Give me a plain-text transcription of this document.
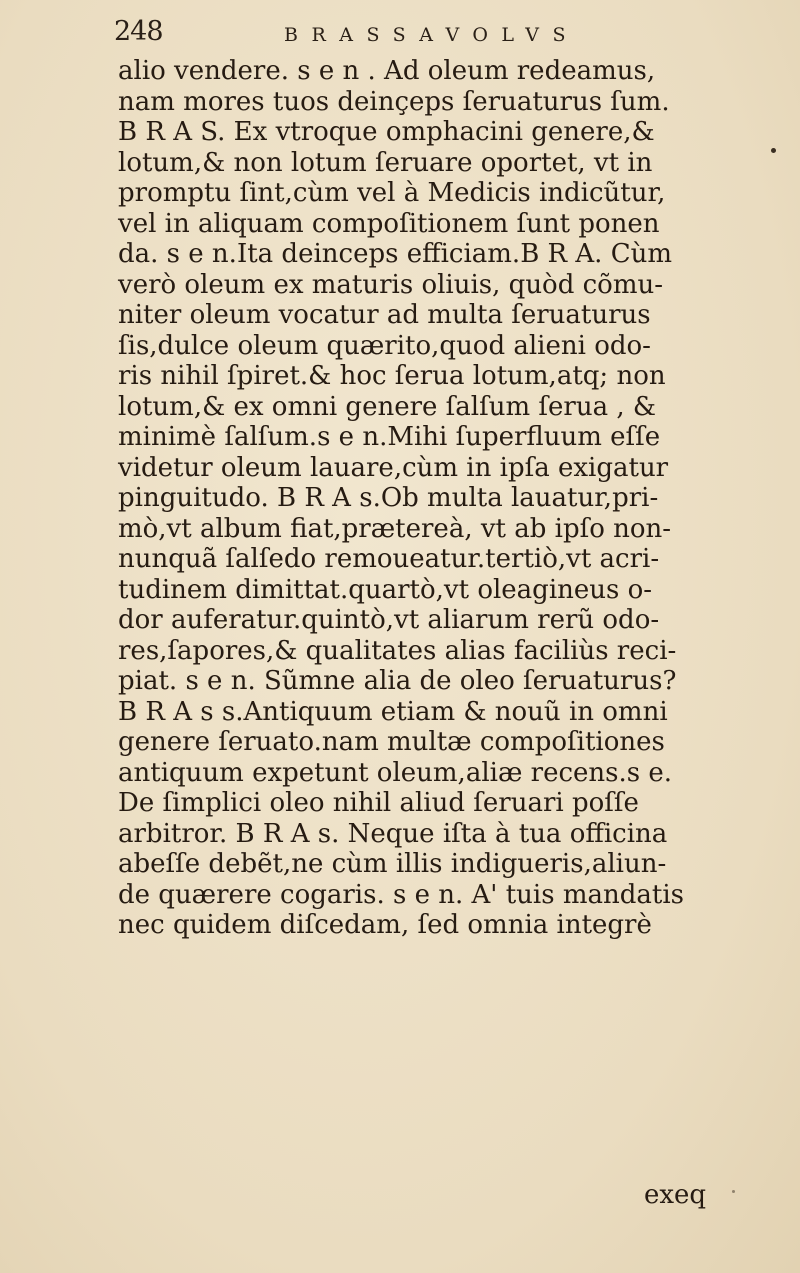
248	BRASSAVOLVS
alio vendere. s e n . Ad oleum redeamus,
nam mores tuos deinçeps ſeruaturus ſum.
B R A S. Ex vtroque omphacini genere,&
lotum,& non lotum ſeruare oportet, vt in
promptu ſint,cùm vel à Medicis indicũtur,
vel in aliquam compoſitionem ſunt ponen
da. s e n.Ita deinceps efficiam.B R A. Cùm
verò oleum ex maturis oliuis, quòd cõmu-
niter oleum vocatur ad multa ſeruaturus
ſis,dulce oleum quærito,quod alieni odo-
ris nihil ſpiret.& hoc ſerua lotum,atq; non
lotum,& ex omni genere ſalſum ſerua , &
minimè ſalſum.s e n.Mihi ſuperfluum eſſe
videtur oleum lauare,cùm in ipſa exigatur
pinguitudo. B R A s.Ob multa lauatur,pri-
mò,vt album fiat,prætereà, vt ab ipſo non-
nunquã ſalſedo remoueatur.tertiò,vt acri-
tudinem dimittat.quartò,vt oleagineus o-
dor auferatur.quintò,vt aliarum rerũ odo-
res,ſapores,& qualitates alias faciliùs reci-
piat. s e n. Sũmne alia de oleo ſeruaturus?
B R A s s.Antiquum etiam & nouũ in omni
genere ſeruato.nam multæ compoſitiones
antiquum expetunt oleum,aliæ recens.s e.
De ſimplici oleo nihil aliud ſeruari poſſe
arbitror. B R A s. Neque iſta à tua officina
abeſſe debẽt,ne cùm illis indigueris,aliun-
de quærere cogaris. s e n. A' tuis mandatis
nec quidem diſcedam, ſed omnia integrè
exeq
